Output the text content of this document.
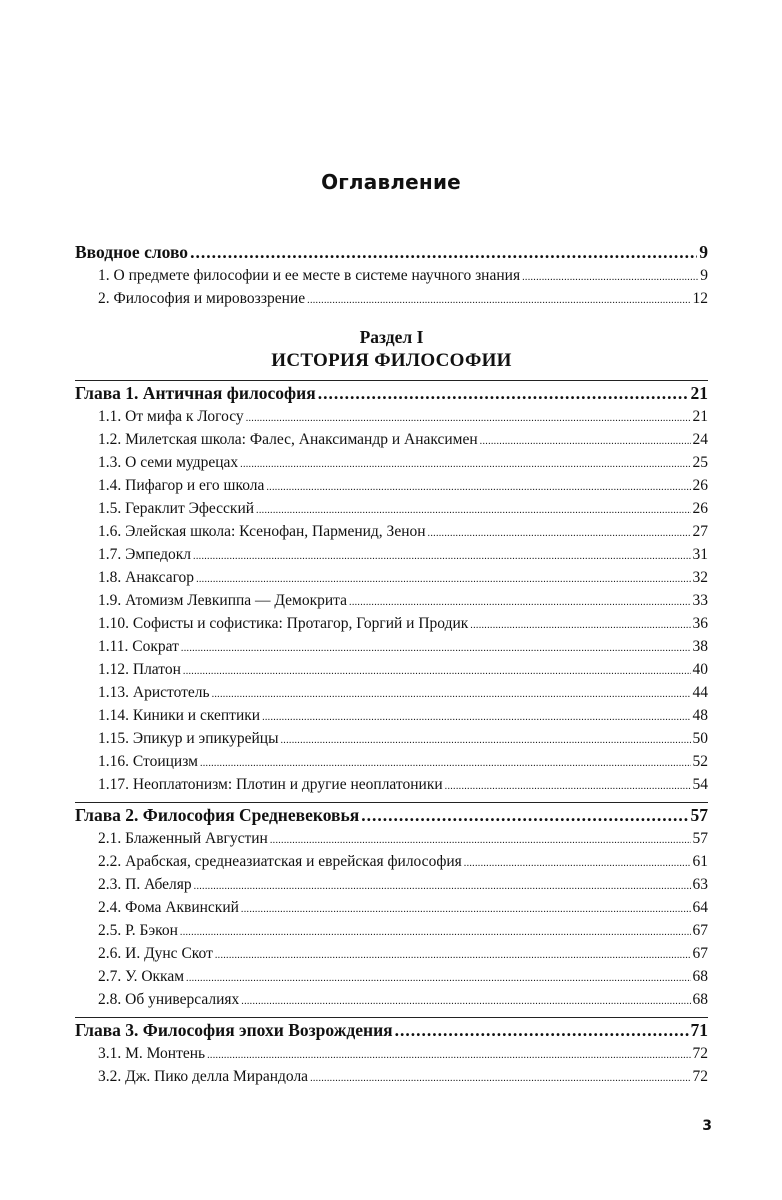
Оглавление
Вводное слово .....	9
1. О предмете философии и ее месте в системе научного знания .....	9
2. Философия и мировоззрение .....	12
Раздел I
ИСТОРИЯ ФИЛОСОФИИ
Глава 1. Античная философия .....	21
1.1. От мифа к Логосу .....	21
1.2. Милетская школа: Фалес, Анаксимандр и Анаксимен .....	24
1.3. О семи мудрецах .....	25
1.4. Пифагор и его школа .....	26
1.5. Гераклит Эфесский .....	26
1.6. Элейская школа: Ксенофан, Парменид, Зенон .....	27
1.7. Эмпедокл .....	31
1.8. Анаксагор .....	32
1.9. Атомизм Левкиппа — Демокрита .....	33
1.10. Софисты и софистика: Протагор, Горгий и Продик .....	36
1.11. Сократ .....	38
1.12. Платон .....	40
1.13. Аристотель .....	44
1.14. Киники и скептики .....	48
1.15. Эпикур и эпикурейцы .....	50
1.16. Стоицизм .....	52
1.17. Неоплатонизм: Плотин и другие неоплатоники .....	54
Глава 2. Философия Средневековья .....	57
2.1. Блаженный Августин .....	57
2.2. Арабская, среднеазиатская и еврейская философия .....	61
2.3. П. Абеляр .....	63
2.4. Фома Аквинский .....	64
2.5. Р. Бэкон .....	67
2.6. И. Дунс Скот .....	67
2.7. У. Оккам .....	68
2.8. Об универсалиях .....	68
Глава 3. Философия эпохи Возрождения .....	71
3.1. М. Монтень .....	72
3.2. Дж. Пико делла Мирандола .....	72
3
